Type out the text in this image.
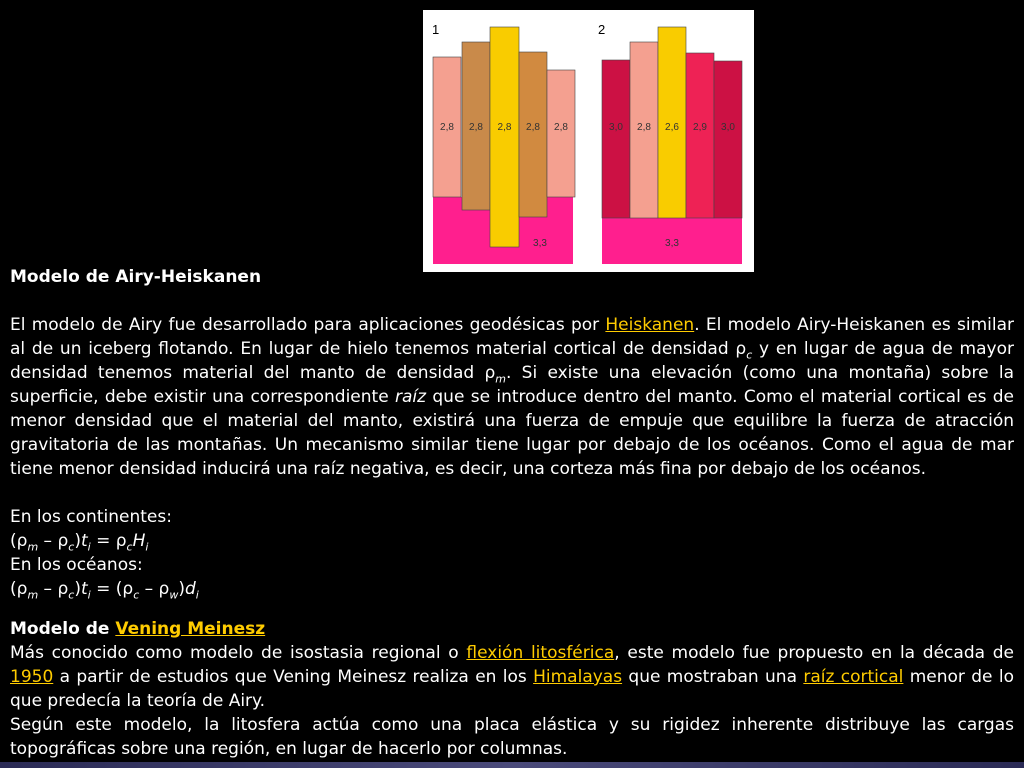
1	2
2,8 2,8 2,8 2,8 2,8
3,3
3,0 2,8 2,6 2,9 3,0
3,3
Modelo de Airy-Heiskanen
El modelo de Airy fue desarrollado para aplicaciones geodésicas por Heiskanen. El modelo Airy-Heiskanen es similar al de un iceberg flotando. En lugar de hielo tenemos material cortical de densidad $\rho_c$ y en lugar de agua de mayor densidad tenemos material del manto de densidad $\rho_m$. Si existe una elevación (como una montaña) sobre la superficie, debe existir una correspondiente raíz que se introduce dentro del manto. Como el material cortical es de menor densidad que el material del manto, existirá una fuerza de empuje que equilibre la fuerza de atracción gravitatoria de las montañas. Un mecanismo similar tiene lugar por debajo de los océanos. Como el agua de mar tiene menor densidad inducirá una raíz negativa, es decir, una corteza más fina por debajo de los océanos.
En los continentes:
$(\rho_m - \rho_c)t_i = \rho_cH_i$
En los océanos:
$(\rho_m - \rho_c)t_i = (\rho_c - \rho_w)d_i$
Modelo de Vening Meinesz
Más conocido como modelo de isostasia regional o flexión litosférica, este modelo fue propuesto en la década de 1950 a partir de estudios que Vening Meinesz realiza en los Himalayas que mostraban una raíz cortical menor de lo que predecía la teoría de Airy.
Según este modelo, la litosfera actúa como una placa elástica y su rigidez inherente distribuye las cargas topográficas sobre una región, en lugar de hacerlo por columnas.
